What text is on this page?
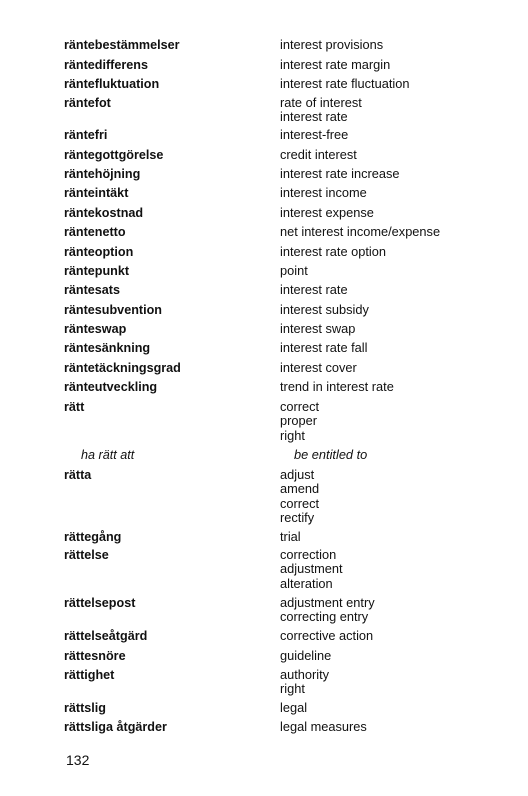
räntebestämmelser	interest provisions
räntedifferens	interest rate margin
räntefluktuation	interest rate fluctuation
räntefot	rate of interest
interest rate
räntefri	interest-free
räntegottgörelse	credit interest
räntehöjning	interest rate increase
ränteintäkt	interest income
räntekostnad	interest expense
räntenetto	net interest income/expense
ränteoption	interest rate option
räntepunkt	point
räntesats	interest rate
räntesubvention	interest subsidy
ränteswap	interest swap
räntesänkning	interest rate fall
räntetäckningsgrad	interest cover
ränteutveckling	trend in interest rate
rätt	correct
proper
right
ha rätt att	be entitled to
rätta	adjust
amend
correct
rectify
rättegång	trial
rättelse	correction
adjustment
alteration
rättelsepost	adjustment entry
correcting entry
rättelseåtgärd	corrective action
rättesnöre	guideline
rättighet	authority
right
rättslig	legal
rättsliga åtgärder	legal measures
132
